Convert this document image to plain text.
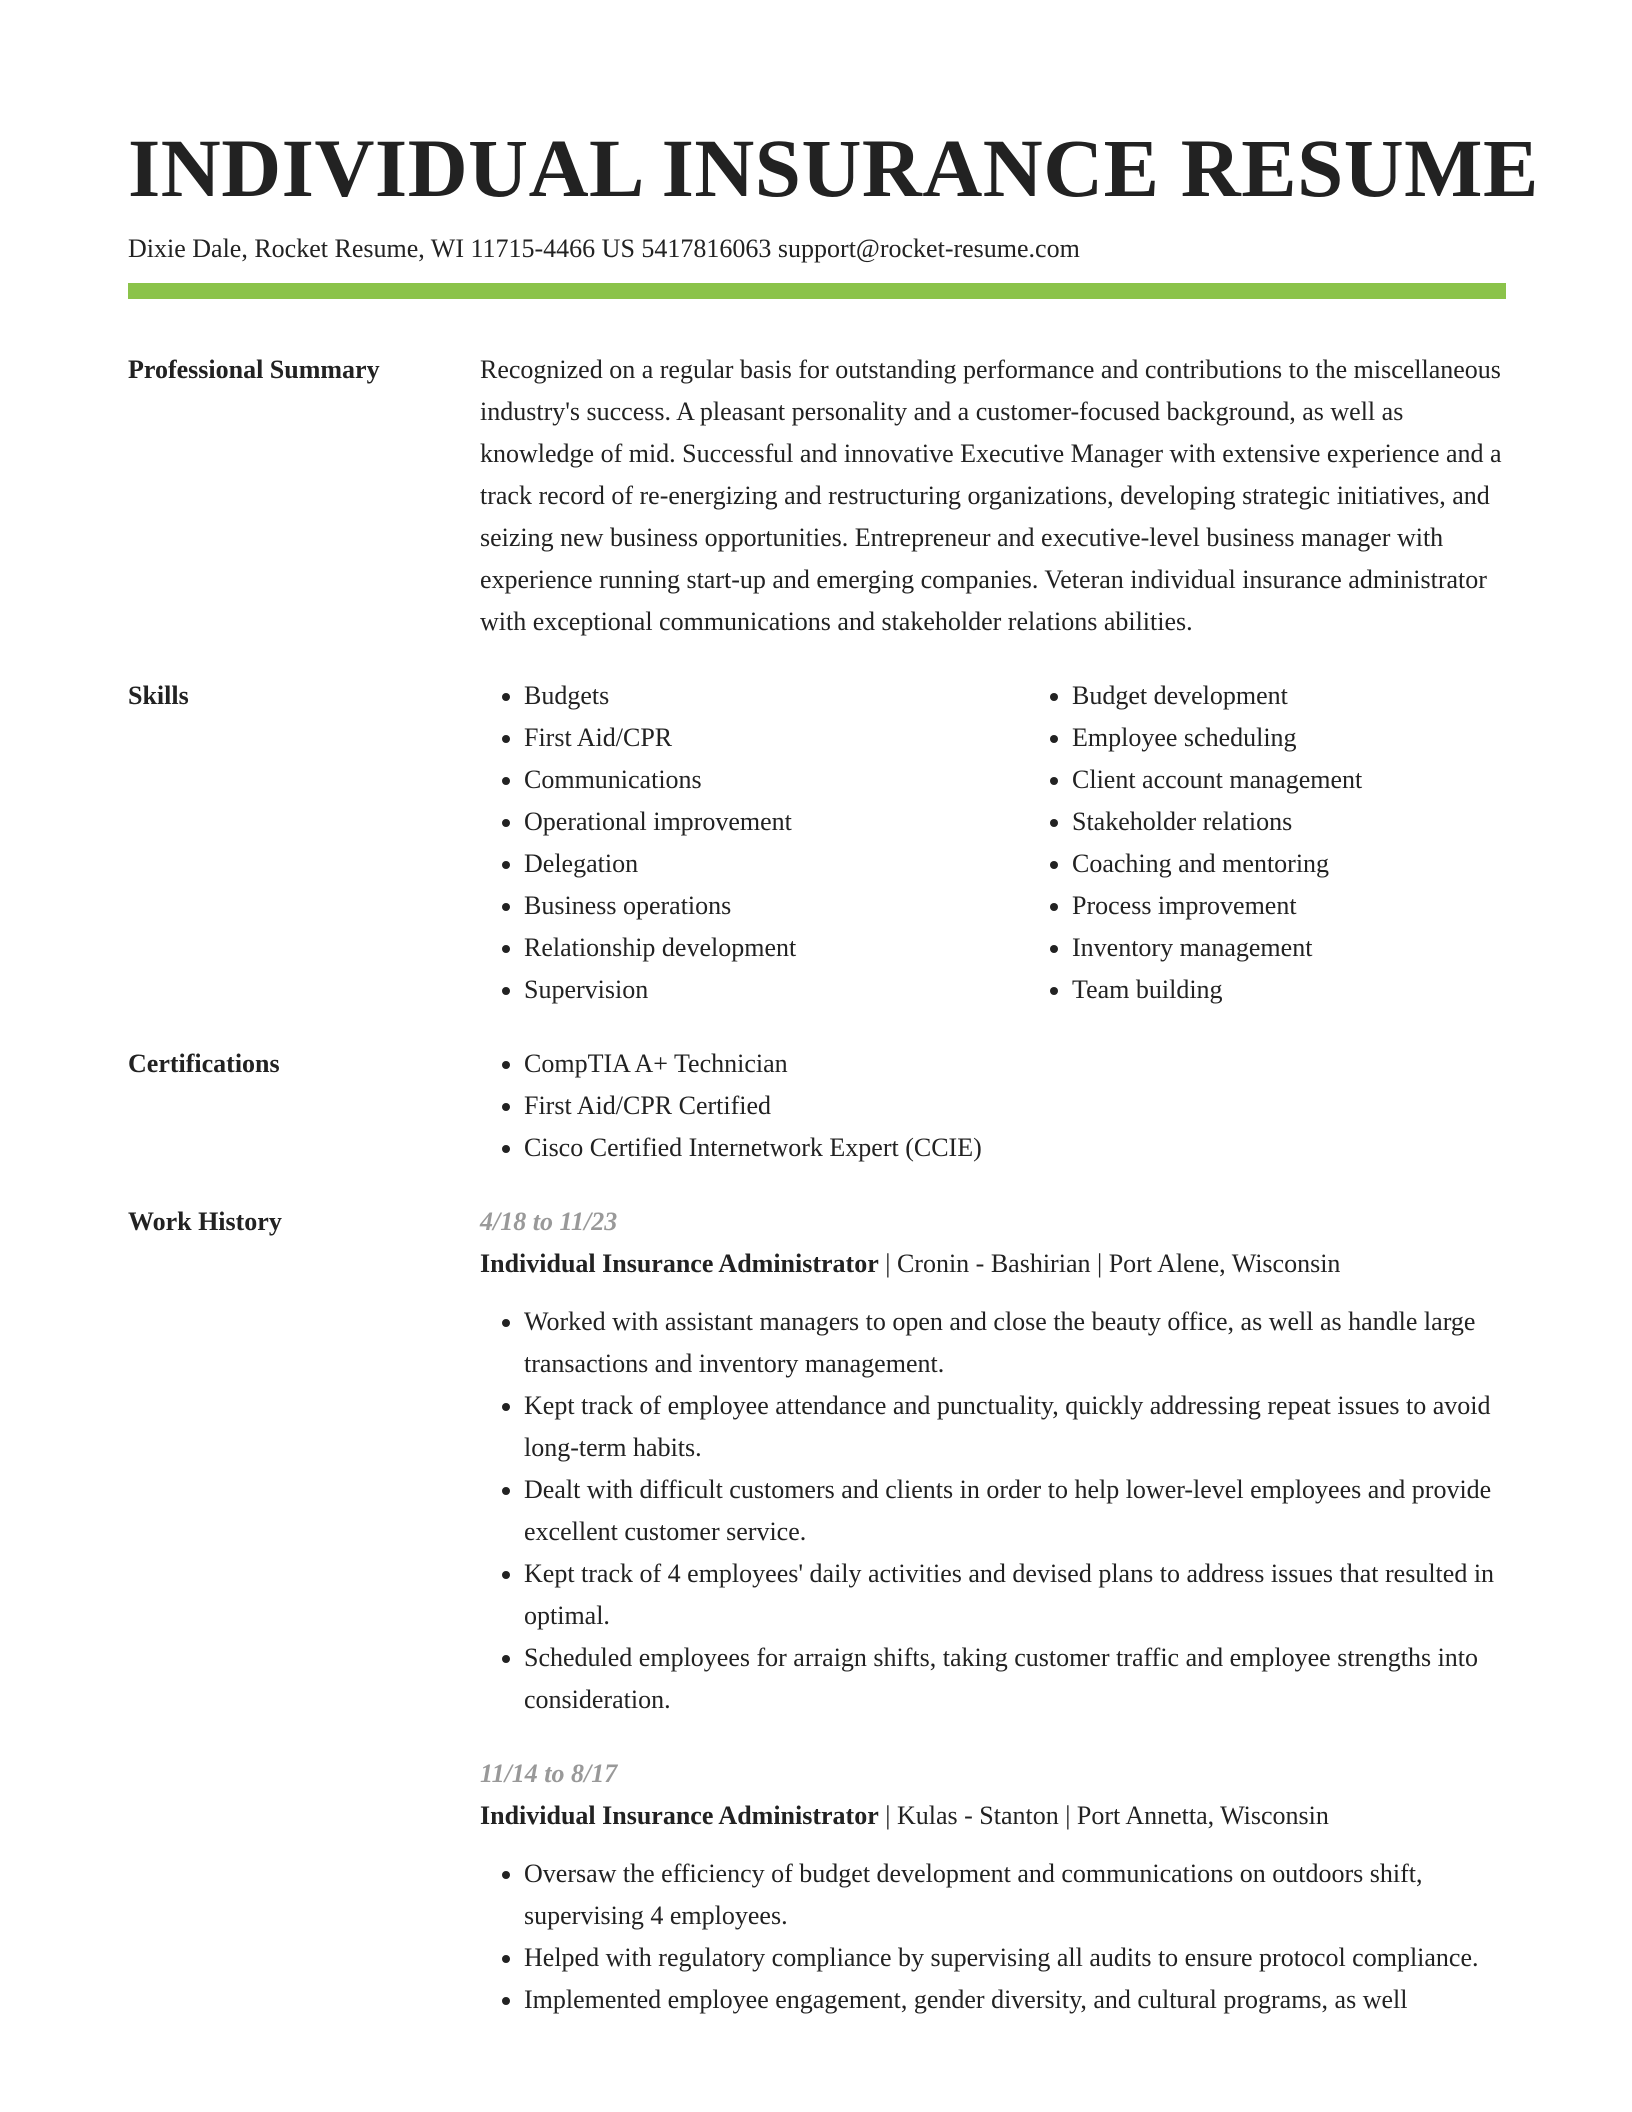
INDIVIDUAL INSURANCE RESUME
Dixie Dale, Rocket Resume, WI 11715-4466 US 5417816063 support@rocket-resume.com
Professional Summary	Recognized on a regular basis for outstanding performance and contributions to the miscellaneous industry's success. A pleasant personality and a customer-focused background, as well as knowledge of mid. Successful and innovative Executive Manager with extensive experience and a track record of re-energizing and restructuring organizations, developing strategic initiatives, and seizing new business opportunities. Entrepreneur and executive-level business manager with experience running start-up and emerging companies. Veteran individual insurance administrator with exceptional communications and stakeholder relations abilities.
Skills	• Budgets
• First Aid/CPR
• Communications
• Operational improvement
• Delegation
• Business operations
• Relationship development
• Supervision
• Budget development
• Employee scheduling
• Client account management
• Stakeholder relations
• Coaching and mentoring
• Process improvement
• Inventory management
• Team building
Certifications	• CompTIA A+ Technician
• First Aid/CPR Certified
• Cisco Certified Internetwork Expert (CCIE)
Work History	4/18 to 11/23
Individual Insurance Administrator | Cronin - Bashirian | Port Alene, Wisconsin
• Worked with assistant managers to open and close the beauty office, as well as handle large transactions and inventory management.
• Kept track of employee attendance and punctuality, quickly addressing repeat issues to avoid long-term habits.
• Dealt with difficult customers and clients in order to help lower-level employees and provide excellent customer service.
• Kept track of 4 employees' daily activities and devised plans to address issues that resulted in optimal.
• Scheduled employees for arraign shifts, taking customer traffic and employee strengths into consideration.
11/14 to 8/17
Individual Insurance Administrator | Kulas - Stanton | Port Annetta, Wisconsin
• Oversaw the efficiency of budget development and communications on outdoors shift, supervising 4 employees.
• Helped with regulatory compliance by supervising all audits to ensure protocol compliance.
• Implemented employee engagement, gender diversity, and cultural programs, as well
